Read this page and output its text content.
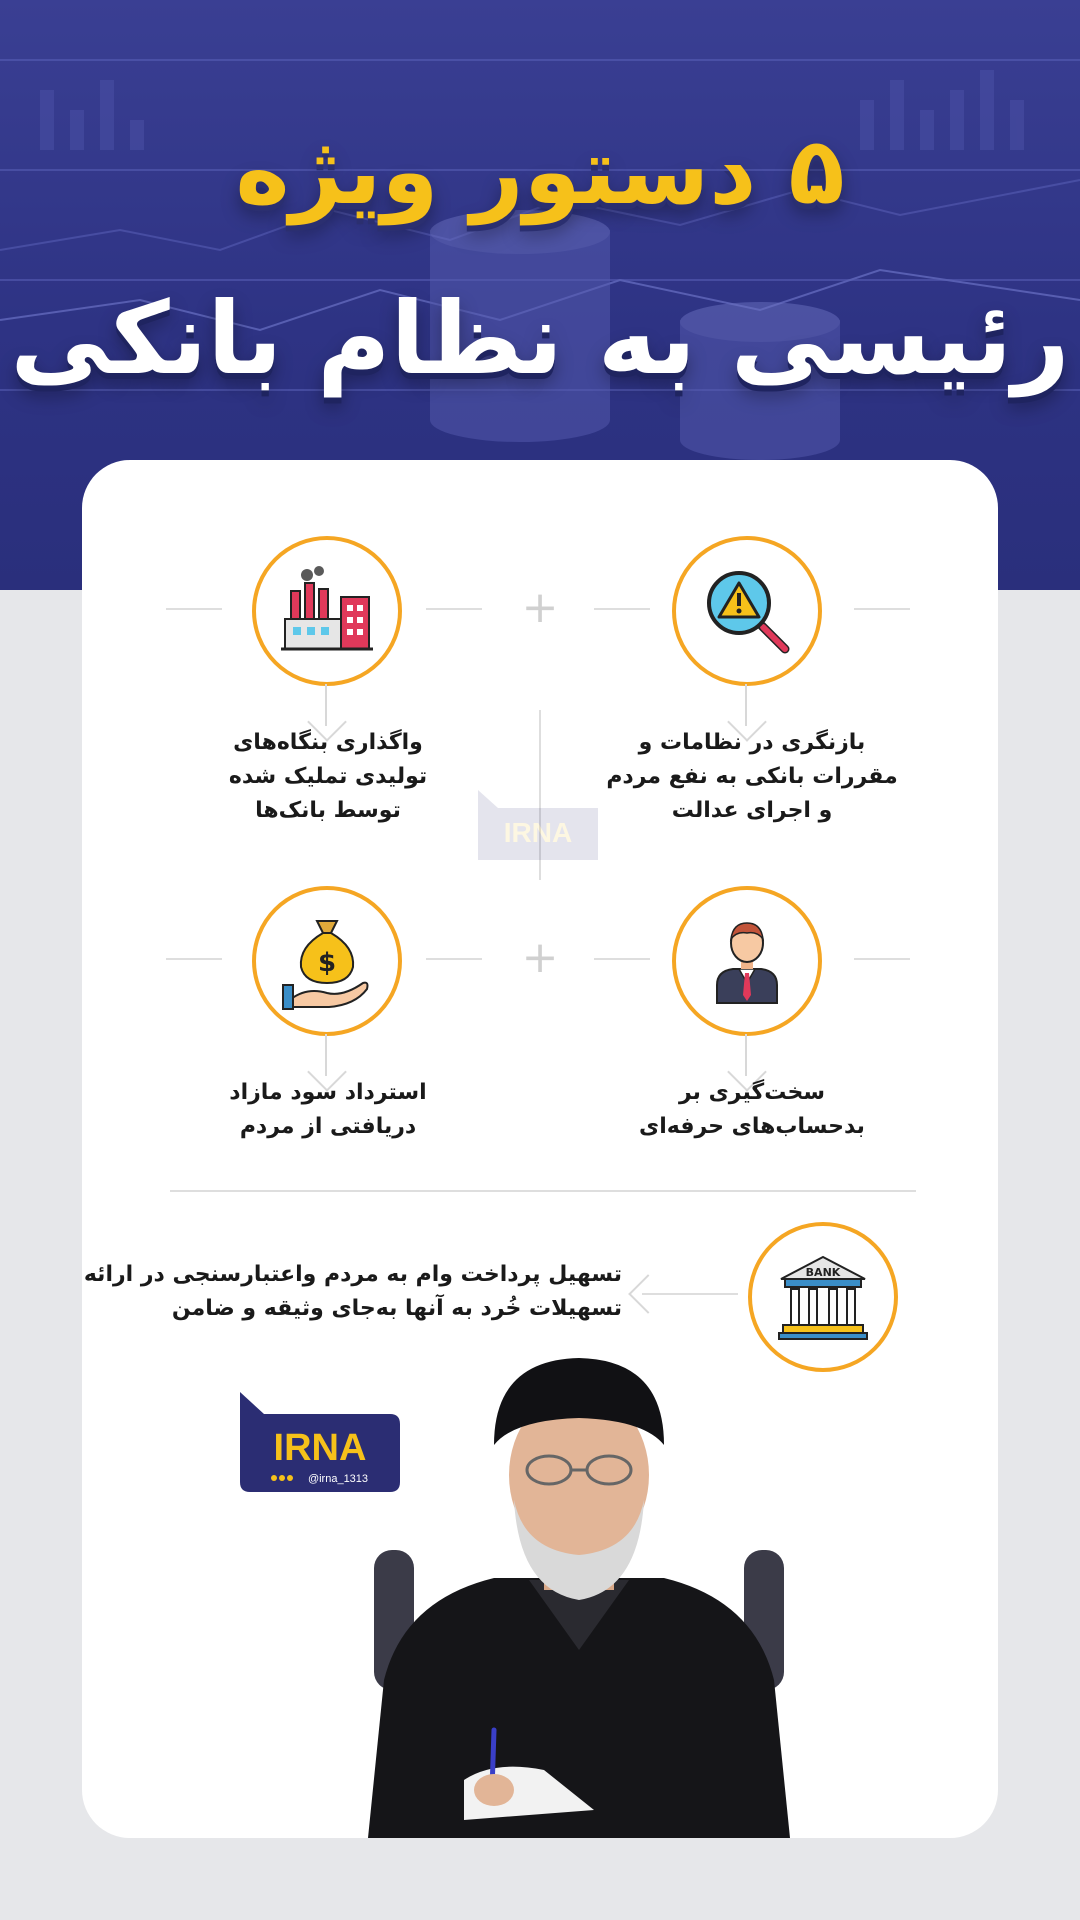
۵ دستور ویژه
رئیسی به نظام بانکی
+
بازنگری در نظامات و
مقررات بانکی به نفع مردم
و اجرای عدالت
واگذاری بنگاه‌های
تولیدی تملیک شده
توسط بانک‌ها
IRNA
+
سخت‌گیری بر
بدحساب‌های حرفه‌ای
$
استرداد سود مازاد
دریافتی از مردم
BANK
تسهیل پرداخت وام به مردم واعتبارسنجی در ارائه
تسهیلات خُرد به آنها به‌جای وثیقه و ضامن
IRNA
@irna_1313
